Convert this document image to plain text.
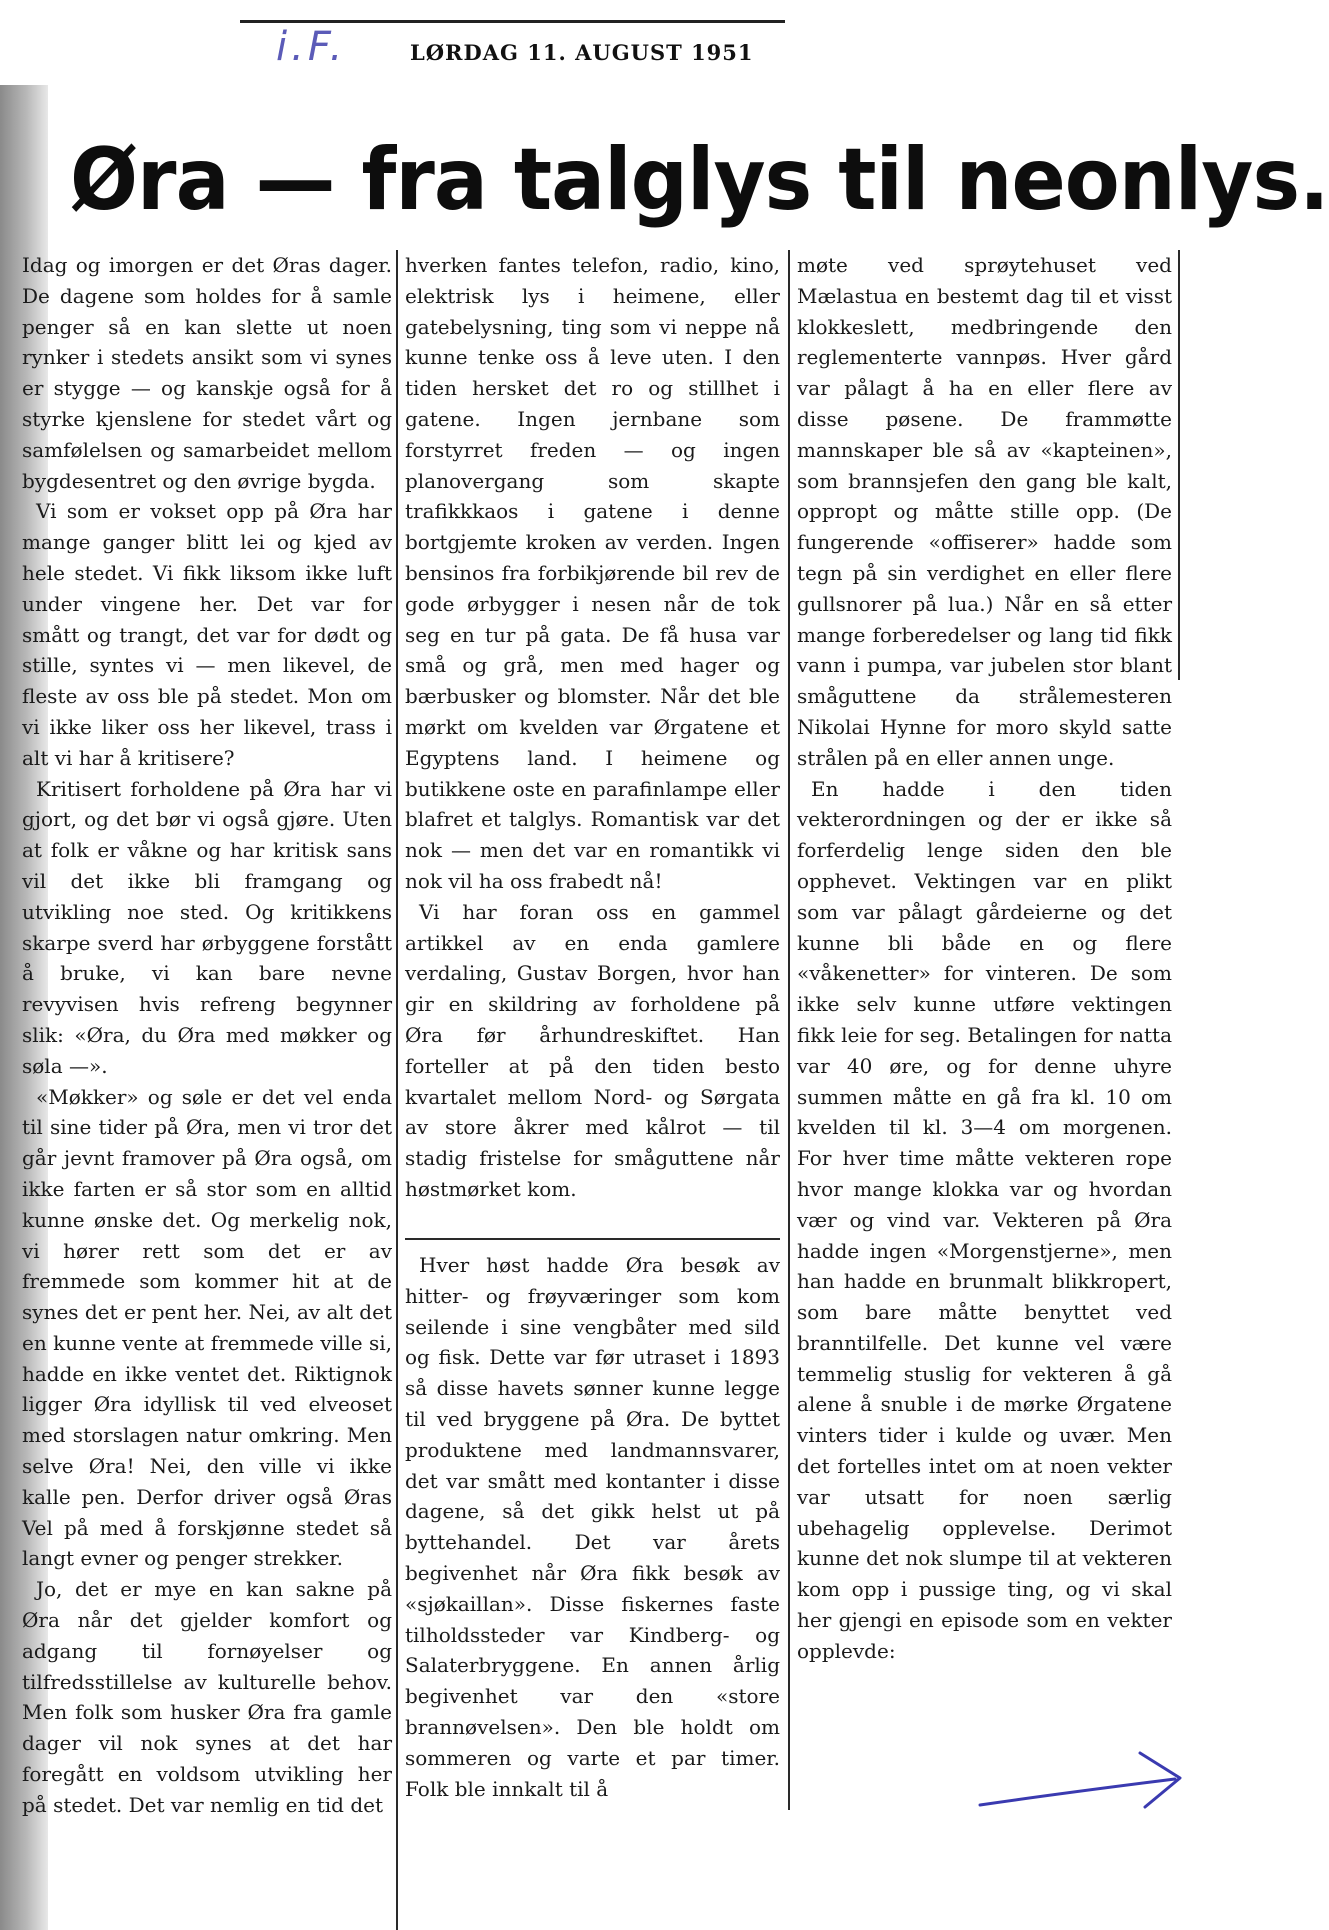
i.F.	LØRDAG 11. AUGUST 1951
Øra — fra talglys til neonlys.

Idag og imorgen er det Øras dager. De dagene som holdes for å samle penger så en kan slette ut noen rynker i stedets ansikt som vi synes er stygge — og kanskje også for å styrke kjenslene for stedet vårt og samfølelsen og samarbeidet mellom bygdesentret og den øvrige bygda.

Vi som er vokset opp på Øra har mange ganger blitt lei og kjed av hele stedet. Vi fikk liksom ikke luft under vingene her. Det var for smått og trangt, det var for dødt og stille, syntes vi — men likevel, de fleste av oss ble på stedet. Mon om vi ikke liker oss her likevel, trass i alt vi har å kritisere?

Kritisert forholdene på Øra har vi gjort, og det bør vi også gjøre. Uten at folk er våkne og har kritisk sans vil det ikke bli framgang og utvikling noe sted. Og kritikkens skarpe sverd har ørbyggene forstått å bruke, vi kan bare nevne revyvisen hvis refreng begynner slik: «Øra, du Øra med møkker og søla —».

«Møkker» og søle er det vel enda til sine tider på Øra, men vi tror det går jevnt framover på Øra også, om ikke farten er så stor som en alltid kunne ønske det. Og merkelig nok, vi hører rett som det er av fremmede som kommer hit at de synes det er pent her. Nei, av alt det en kunne vente at fremmede ville si, hadde en ikke ventet det. Riktignok ligger Øra idyllisk til ved elveoset med storslagen natur omkring. Men selve Øra! Nei, den ville vi ikke kalle pen. Derfor driver også Øras Vel på med å forskjønne stedet så langt evner og penger strekker.

Jo, det er mye en kan sakne på Øra når det gjelder komfort og adgang til fornøyelser og tilfredsstillelse av kulturelle behov. Men folk som husker Øra fra gamle dager vil nok synes at det har foregått en voldsom utvikling her på stedet. Det var nemlig en tid det

hverken fantes telefon, radio, kino, elektrisk lys i heimene, eller gatebelysning, ting som vi neppe nå kunne tenke oss å leve uten. I den tiden hersket det ro og stillhet i gatene. Ingen jernbane som forstyrret freden — og ingen planovergang som skapte trafikkkaos i gatene i denne bortgjemte kroken av verden. Ingen bensinos fra forbikjørende bil rev de gode ørbygger i nesen når de tok seg en tur på gata. De få husa var små og grå, men med hager og bærbusker og blomster. Når det ble mørkt om kvelden var Ørgatene et Egyptens land. I heimene og butikkene oste en parafinlampe eller blafret et talglys. Romantisk var det nok — men det var en romantikk vi nok vil ha oss frabedt nå!

Vi har foran oss en gammel artikkel av en enda gamlere verdaling, Gustav Borgen, hvor han gir en skildring av forholdene på Øra før århundreskiftet. Han forteller at på den tiden besto kvartalet mellom Nord- og Sørgata av store åkrer med kålrot — til stadig fristelse for småguttene når høstmørket kom.

Hver høst hadde Øra besøk av hitter- og frøyværinger som kom seilende i sine vengbåter med sild og fisk. Dette var før utraset i 1893 så disse havets sønner kunne legge til ved bryggene på Øra. De byttet produktene med landmannsvarer, det var smått med kontanter i disse dagene, så det gikk helst ut på byttehandel. Det var årets begivenhet når Øra fikk besøk av «sjøkaillan». Disse fiskernes faste tilholdssteder var Kindberg- og Salaterbryggene. En annen årlig begivenhet var den «store brannøvelsen». Den ble holdt om sommeren og varte et par timer. Folk ble innkalt til å

møte ved sprøytehuset ved Mælastua en bestemt dag til et visst klokkeslett, medbringende den reglementerte vannpøs. Hver gård var pålagt å ha en eller flere av disse pøsene. De frammøtte mannskaper ble så av «kapteinen», som brannsjefen den gang ble kalt, oppropt og måtte stille opp. (De fungerende «offiserer» hadde som tegn på sin verdighet en eller flere gullsnorer på lua.) Når en så etter mange forberedelser og lang tid fikk vann i pumpa, var jubelen stor blant småguttene da strålemesteren Nikolai Hynne for moro skyld satte strålen på en eller annen unge.

En hadde i den tiden vekterordningen og der er ikke så forferdelig lenge siden den ble opphevet. Vektingen var en plikt som var pålagt gårdeierne og det kunne bli både en og flere «våkenetter» for vinteren. De som ikke selv kunne utføre vektingen fikk leie for seg. Betalingen for natta var 40 øre, og for denne uhyre summen måtte en gå fra kl. 10 om kvelden til kl. 3—4 om morgenen. For hver time måtte vekteren rope hvor mange klokka var og hvordan vær og vind var. Vekteren på Øra hadde ingen «Morgenstjerne», men han hadde en brunmalt blikkropert, som bare måtte benyttet ved branntilfelle. Det kunne vel være temmelig stuslig for vekteren å gå alene å snuble i de mørke Ørgatene vinters tider i kulde og uvær. Men det fortelles intet om at noen vekter var utsatt for noen særlig ubehagelig opplevelse. Derimot kunne det nok slumpe til at vekteren kom opp i pussige ting, og vi skal her gjengi en episode som en vekter opplevde:
